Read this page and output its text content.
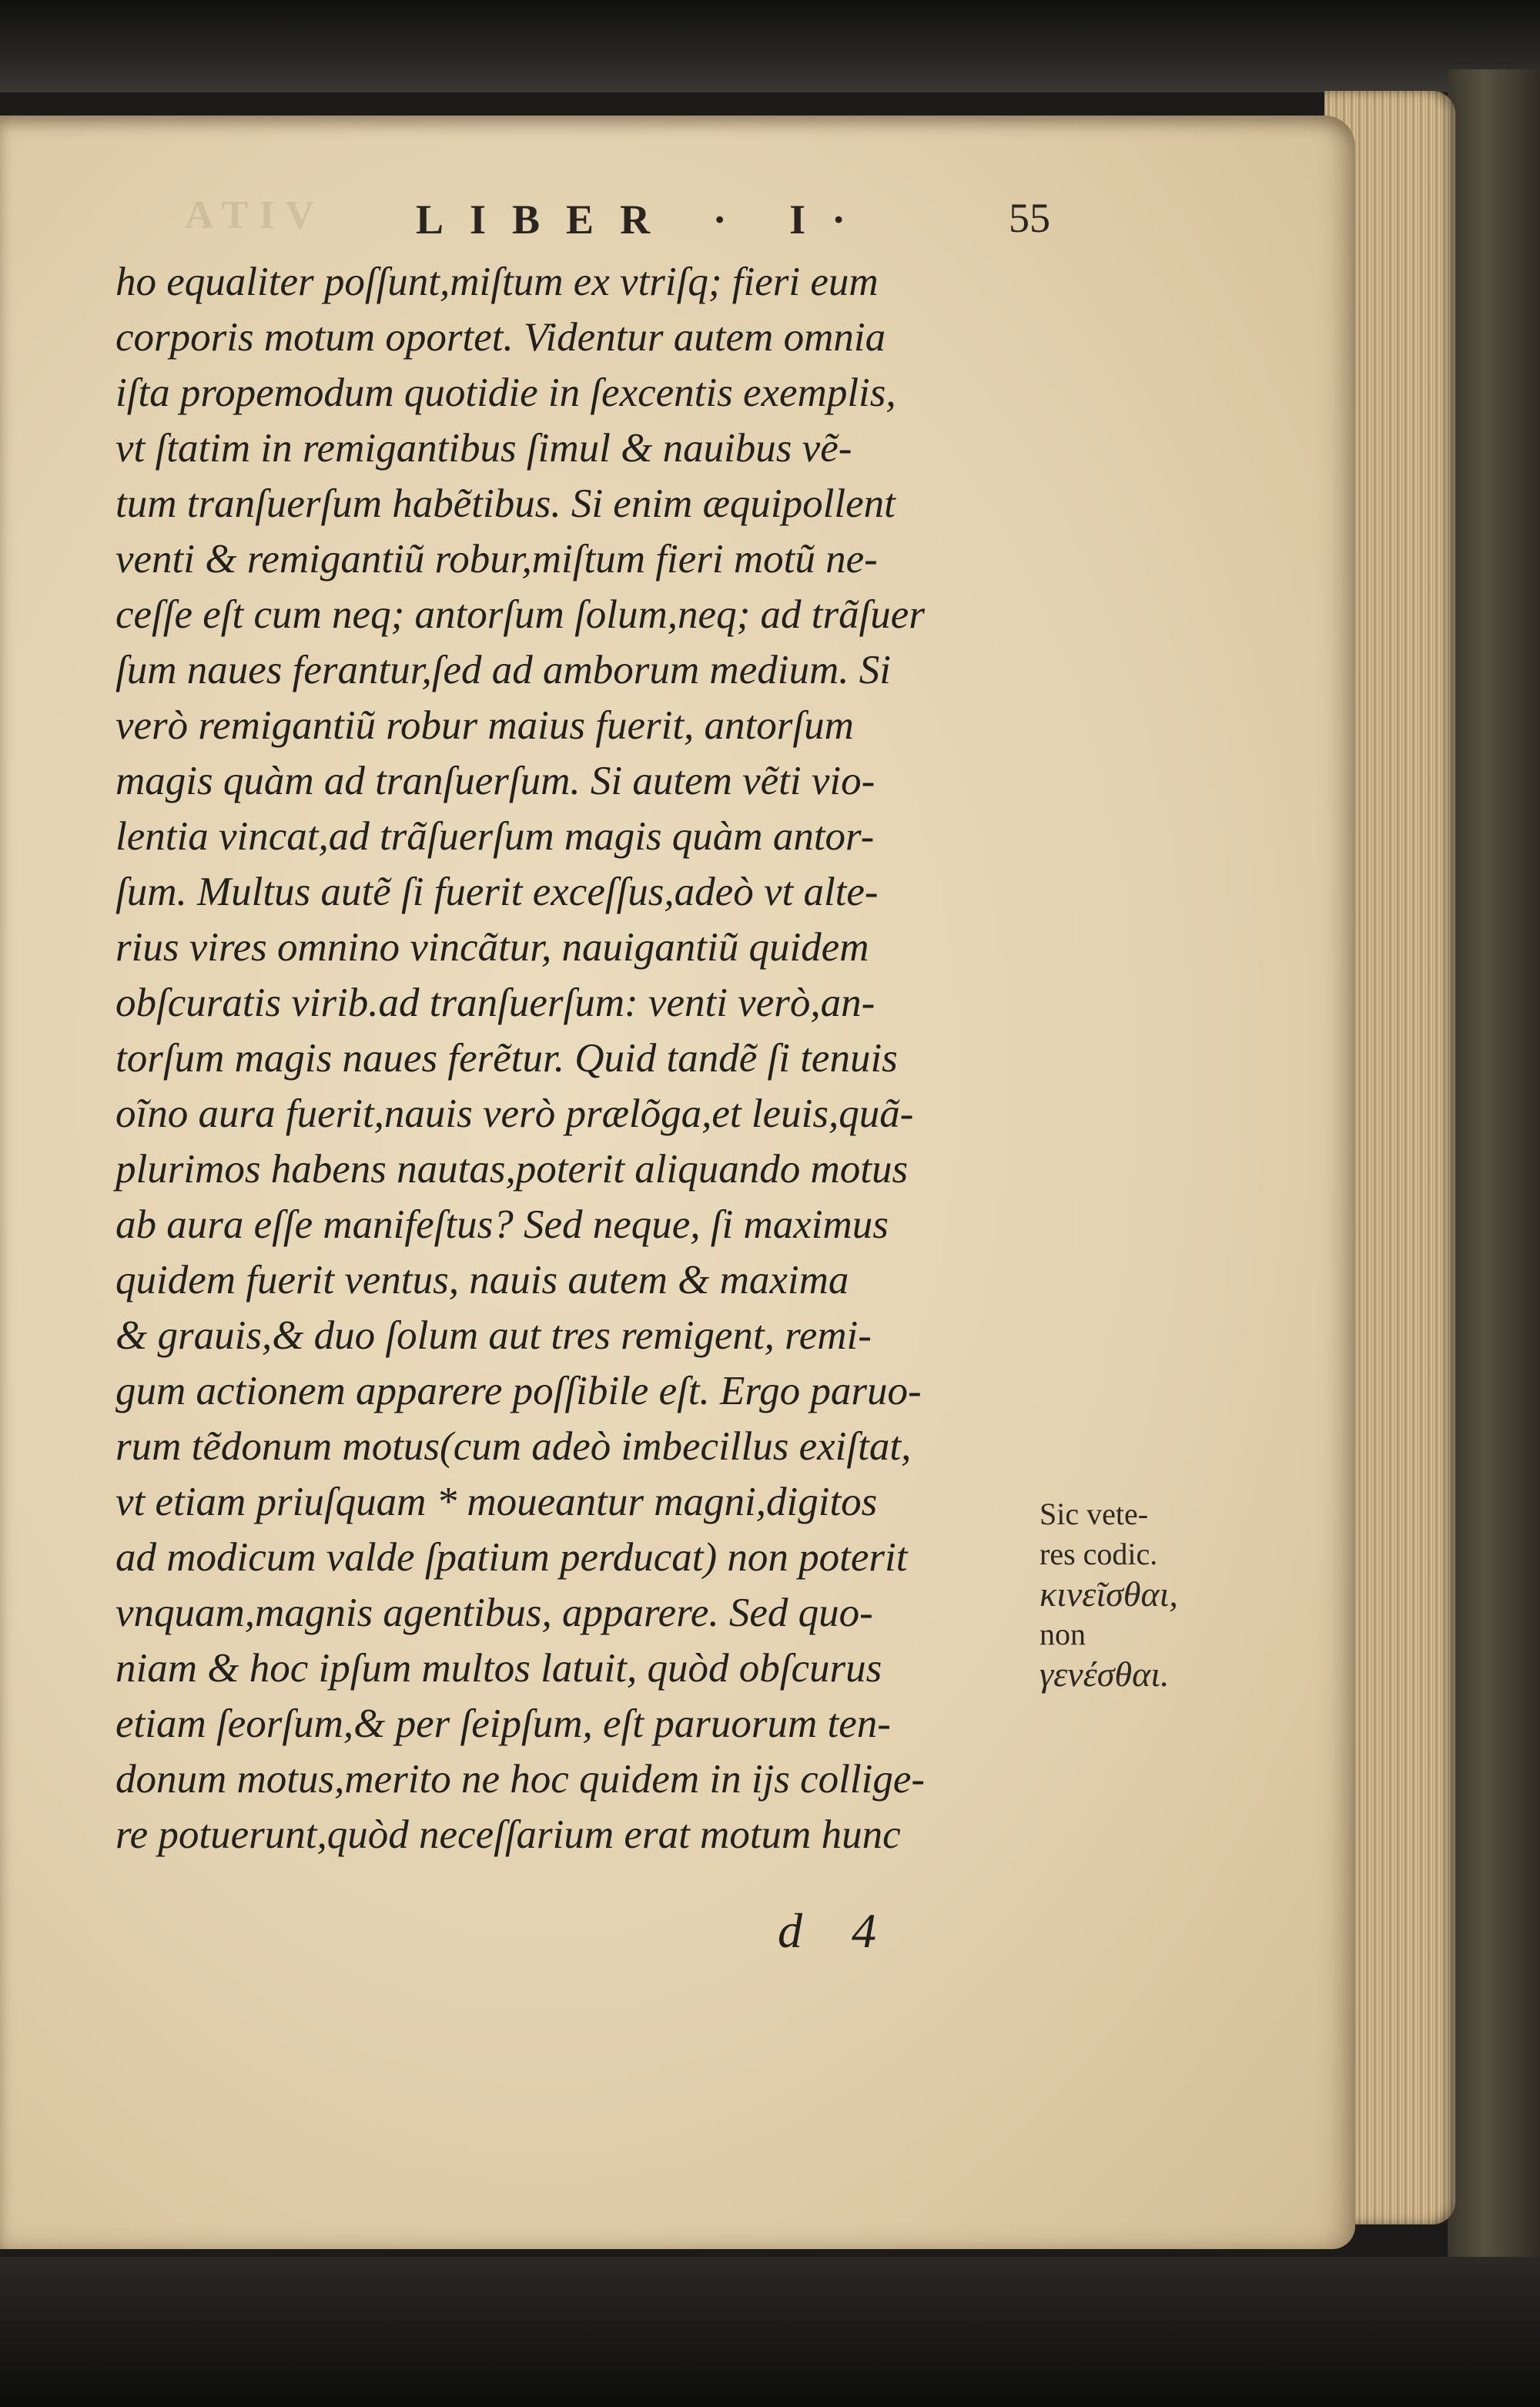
ATIV LIBER · I·	55
ho equaliter poſſunt,miſtum ex vtriſq; fieri eum
corporis motum oportet. Videntur autem omnia
iſta propemodum quotidie in ſexcentis exemplis,
vt ſtatim in remigantibus ſimul & nauibus vẽ-
tum tranſuerſum habẽtibus. Si enim æquipollent
venti & remigantiũ robur,miſtum fieri motũ ne-
ceſſe eſt cum neq; antorſum ſolum,neq; ad trãſuer
ſum naues ferantur,ſed ad amborum medium. Si
verò remigantiũ robur maius fuerit, antorſum
magis quàm ad tranſuerſum. Si autem vẽti vio-
lentia vincat,ad trãſuerſum magis quàm antor-
ſum. Multus autẽ ſi fuerit exceſſus,adeò vt alte-
rius vires omnino vincãtur, nauigantiũ quidem
obſcuratis virib.ad tranſuerſum: venti verò,an-
torſum magis naues ferẽtur. Quid tandẽ ſi tenuis
oĩno aura fuerit,nauis verò prælõga,et leuis,quã-
plurimos habens nautas,poterit aliquando motus
ab aura eſſe manifeſtus? Sed neque, ſi maximus
quidem fuerit ventus, nauis autem & maxima
& grauis,& duo ſolum aut tres remigent, remi-
gum actionem apparere poſſibile eſt. Ergo paruo-
rum tẽdonum motus(cum adeò imbecillus exiſtat,
vt etiam priuſquam * moueantur magni,digitos
ad modicum valde ſpatium perducat) non poterit
vnquam,magnis agentibus, apparere. Sed quo-
niam & hoc ipſum multos latuit, quòd obſcurus
etiam ſeorſum,& per ſeipſum, eſt paruorum ten-
donum motus,merito ne hoc quidem in ijs collige-
re potuerunt,quòd neceſſarium erat motum hunc
Sic vete-
res codic.
κινεῖσθαι,
non
γενέσθαι.
d 4
